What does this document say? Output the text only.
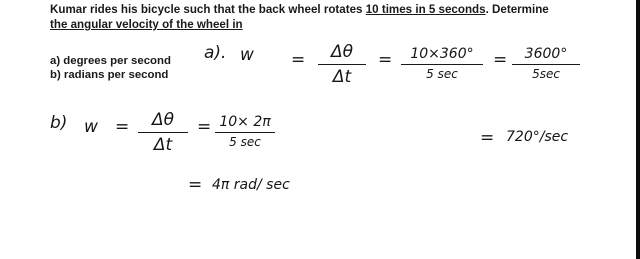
Kumar rides his bicycle such that the back wheel rotates 10 times in 5 seconds. Determine
the angular velocity of the wheel in
a) degrees per second
b) radians per second
a). w =	Δθ
Δt
=	10×360°
5 sec
=	3600°
5sec
= 720°/sec
b) w =	Δθ
Δt
= 10× 2π
5 sec
= 4π rad/ sec
